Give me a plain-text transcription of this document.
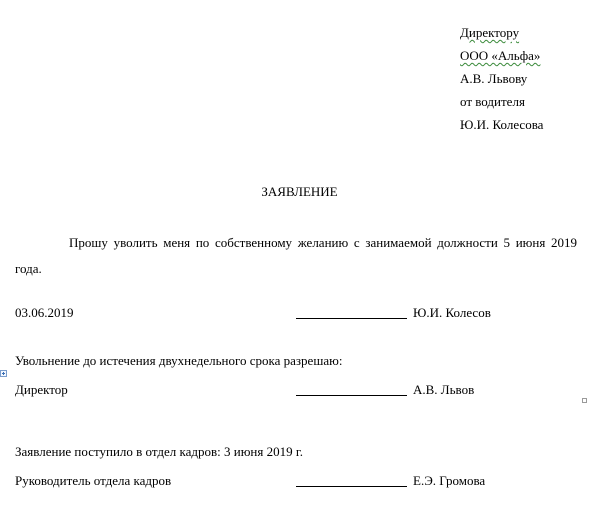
Директору
ООО «Альфа»
А.В. Львову
от водителя
Ю.И. Колесова
ЗАЯВЛЕНИЕ
Прошу уволить меня по собственному желанию с занимаемой должности 5 июня 2019 года.
03.06.2019	Ю.И. Колесов
Увольнение до истечения двухнедельного срока разрешаю:
Директор	А.В. Львов
Заявление поступило в отдел кадров: 3 июня 2019 г.
Руководитель отдела кадров	Е.Э. Громова
